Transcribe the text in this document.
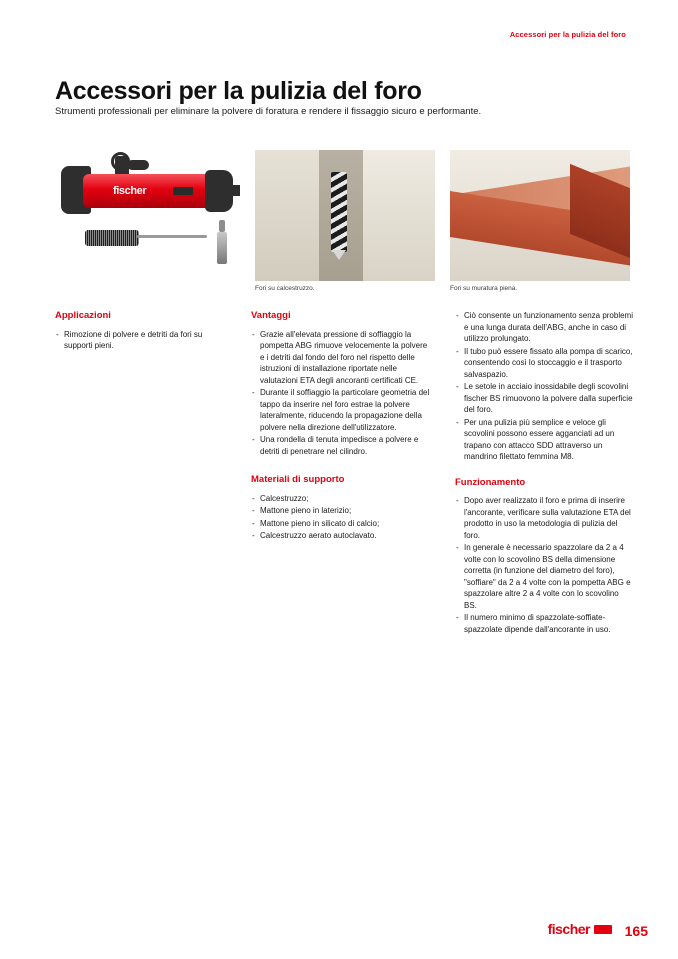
Accessori per la pulizia del foro
Accessori per la pulizia del foro
Strumenti professionali per eliminare la polvere di foratura e rendere il fissaggio sicuro e performante.
fischer
Fori su calcestruzzo.	Fori su muratura piena.
Applicazioni
- Rimozione di polvere e detriti da fori su supporti pieni.
Vantaggi
- Grazie all'elevata pressione di soffiaggio la pompetta ABG rimuove velocemente la polvere e i detriti dal fondo del foro nel rispetto delle istruzioni di installazione riportate nelle valutazioni ETA degli ancoranti certificati CE.
- Durante il soffiaggio la particolare geometria del tappo da inserire nel foro estrae la polvere lateralmente, riducendo la propagazione della polvere nella direzione dell'utilizzatore.
- Una rondella di tenuta impedisce a polvere e detriti di penetrare nel cilindro.
Materiali di supporto
- Calcestruzzo;
- Mattone pieno in laterizio;
- Mattone pieno in silicato di calcio;
- Calcestruzzo aerato autoclavato.
- Ciò consente un funzionamento senza problemi e una lunga durata dell'ABG, anche in caso di utilizzo prolungato.
- Il tubo può essere fissato alla pompa di scarico, consentendo così lo stoccaggio e il trasporto salvaspazio.
- Le setole in acciaio inossidabile degli scovolini fischer BS rimuovono la polvere dalla superficie del foro.
- Per una pulizia più semplice e veloce gli scovolini possono essere agganciati ad un trapano con attacco SDD attraverso un mandrino filettato femmina M8.
Funzionamento
- Dopo aver realizzato il foro e prima di inserire l'ancorante, verificare sulla valutazione ETA del prodotto in uso la metodologia di pulizia del foro.
- In generale è necessario spazzolare da 2 a 4 volte con lo scovolino BS della dimensione corretta (in funzione del diametro del foro), "soffiare" da 2 a 4 volte con la pompetta ABG e spazzolare altre 2 a 4 volte con lo scovolino BS.
- Il numero minimo di spazzolate-soffiate-spazzolate dipende dall'ancorante in uso.
fischer 165
